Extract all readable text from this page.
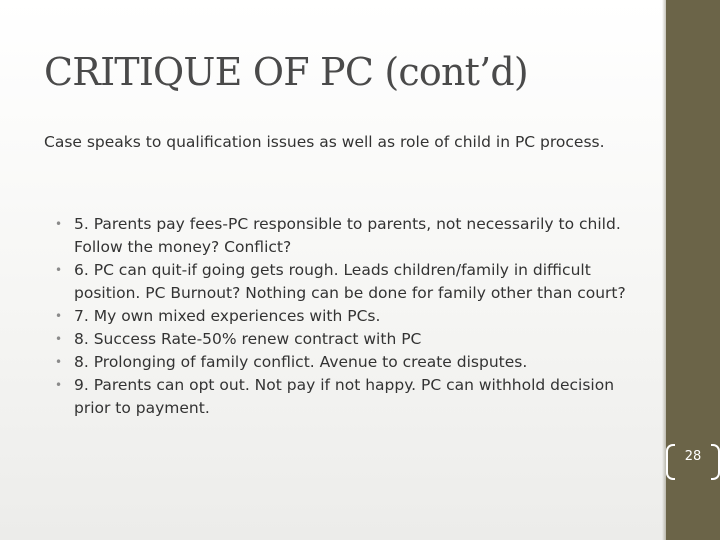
CRITIQUE OF PC (cont’d)
Case speaks to qualification issues as well as role of child in PC process.
• 5. Parents pay fees-PC responsible to parents, not necessarily to child. Follow the money? Conflict?
• 6. PC can quit-if going gets rough. Leads children/family in difficult position. PC Burnout? Nothing can be done for family other than court?
• 7. My own mixed experiences with PCs.
• 8. Success Rate-50% renew contract with PC
• 8. Prolonging of family conflict. Avenue to create disputes.
• 9. Parents can opt out. Not pay if not happy. PC can withhold decision prior to payment.
28
